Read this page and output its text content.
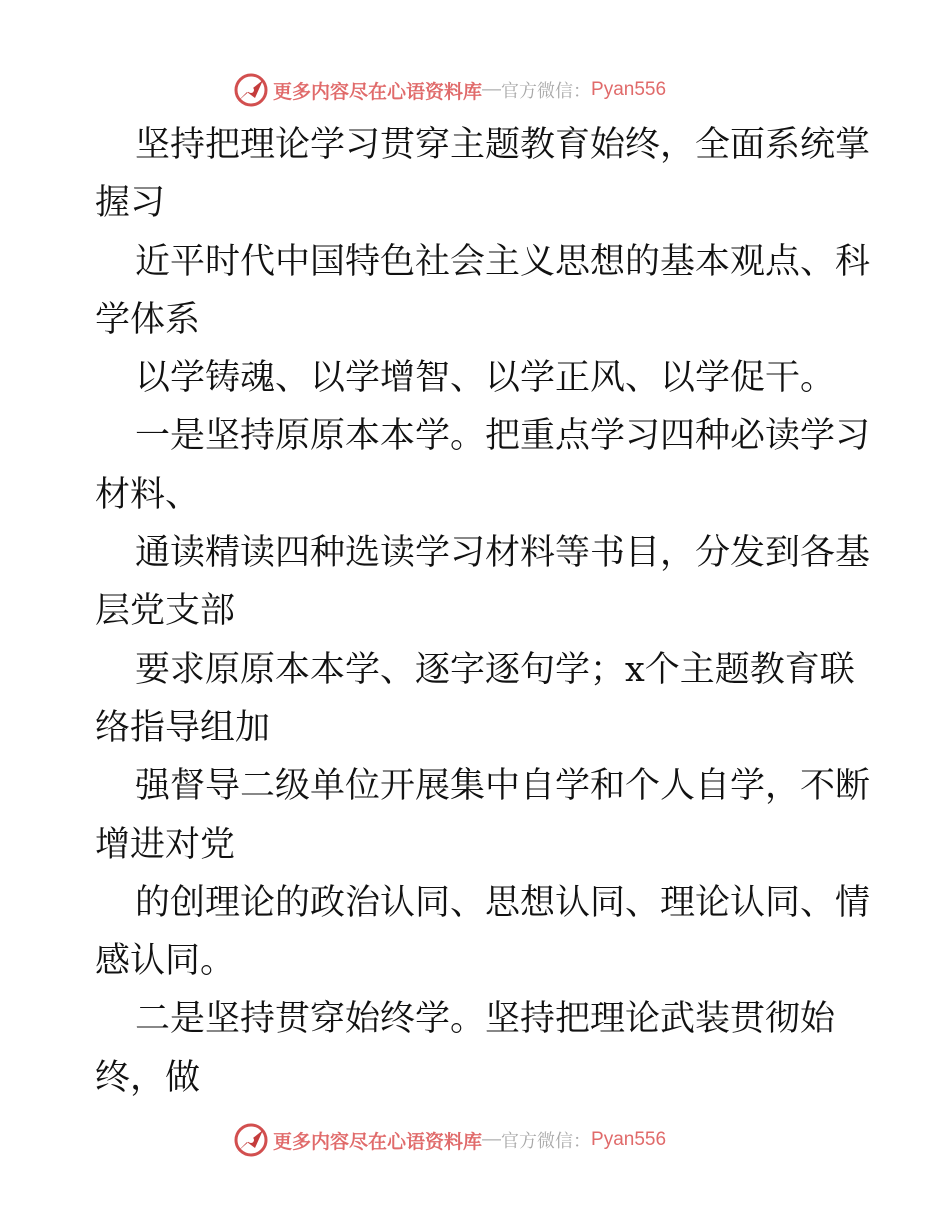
更多内容尽在心语资料库 — 官方微信： Pyan556
坚持把理论学习贯穿主题教育始终，全面系统掌
握习
近平时代中国特色社会主义思想的基本观点、科
学体系
以学铸魂、以学增智、以学正风、以学促干。
一是坚持原原本本学。把重点学习四种必读学习
材料、
通读精读四种选读学习材料等书目，分发到各基
层党支部
要求原原本本学、逐字逐句学；x个主题教育联
络指导组加
强督导二级单位开展集中自学和个人自学，不断
增进对党
的创理论的政治认同、思想认同、理论认同、情
感认同。
二是坚持贯穿始终学。坚持把理论武装贯彻始
终，做
更多内容尽在心语资料库 — 官方微信： Pyan556
